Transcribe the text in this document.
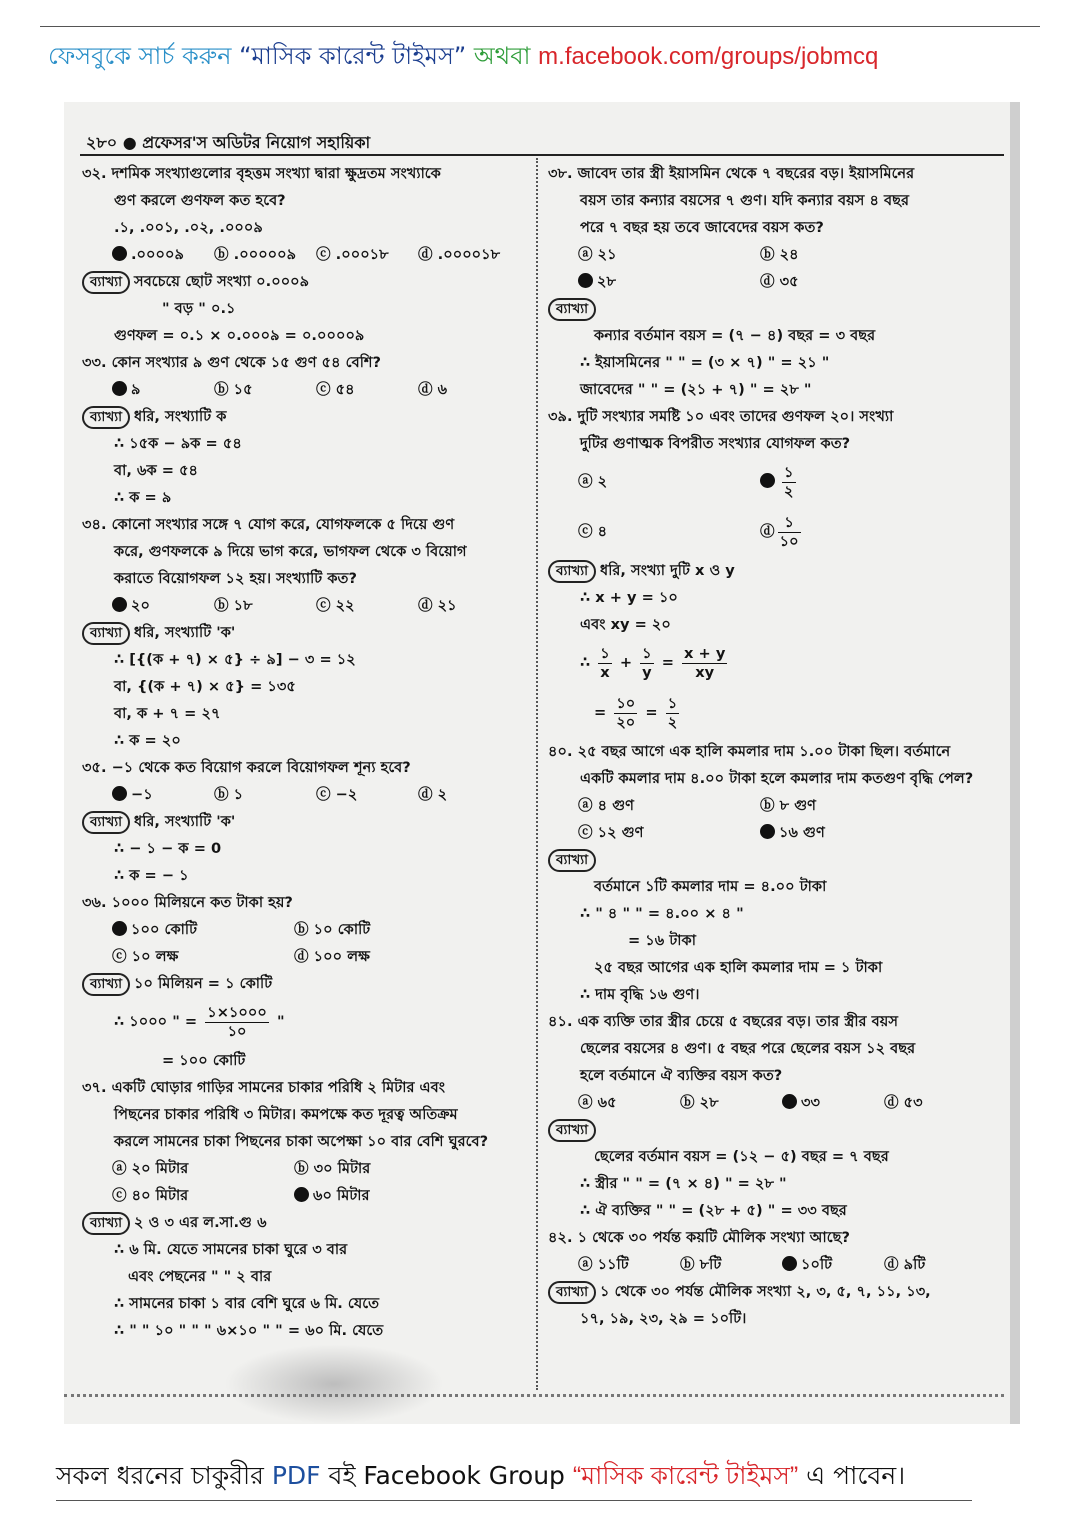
ফেসবুকে সার্চ করুন “মাসিক কারেন্ট টাইমস” অথবা m.facebook.com/groups/jobmcq
২৮০ ● প্রফেসর'স অডিটর নিয়োগ সহায়িকা
৩২. দশমিক সংখ্যাগুলোর বৃহত্তম সংখ্যা দ্বারা ক্ষুদ্রতম সংখ্যাকে
গুণ করলে গুণফল কত হবে?
.১, .০০১, .০২, .০০০৯
.০০০০৯	ⓑ .০০০০০৯	ⓒ .০০০১৮	ⓓ .০০০০১৮
ব্যাখ্যা সবচেয়ে ছোট সংখ্যা ০.০০০৯
" বড় " ০.১
গুণফল = ০.১ × ০.০০০৯ = ০.০০০০৯
৩৩. কোন সংখ্যার ৯ গুণ থেকে ১৫ গুণ ৫৪ বেশি?
৯	ⓑ ১৫	ⓒ ৫৪	ⓓ ৬
ব্যাখ্যা ধরি, সংখ্যাটি ক
∴ ১৫ক − ৯ক = ৫৪
বা, ৬ক = ৫৪
∴ ক = ৯
৩৪. কোনো সংখ্যার সঙ্গে ৭ যোগ করে, যোগফলকে ৫ দিয়ে গুণ
করে, গুণফলকে ৯ দিয়ে ভাগ করে, ভাগফল থেকে ৩ বিয়োগ
করাতে বিয়োগফল ১২ হয়। সংখ্যাটি কত?
২০	ⓑ ১৮	ⓒ ২২	ⓓ ২১
ব্যাখ্যা ধরি, সংখ্যাটি 'ক'
∴ [{(ক + ৭) × ৫} ÷ ৯] − ৩ = ১২
বা, {(ক + ৭) × ৫} = ১৩৫
বা, ক + ৭ = ২৭
∴ ক = ২০
৩৫. −১ থেকে কত বিয়োগ করলে বিয়োগফল শূন্য হবে?
−১	ⓑ ১	ⓒ −২	ⓓ ২
ব্যাখ্যা ধরি, সংখ্যাটি 'ক'
∴ − ১ − ক = 0
∴ ক = − ১
৩৬. ১০০০ মিলিয়নে কত টাকা হয়?
১০০ কোটি	ⓑ ১০ কোটি
ⓒ ১০ লক্ষ	ⓓ ১০০ লক্ষ
ব্যাখ্যা ১০ মিলিয়ন = ১ কোটি
∴ ১০০০ " = $\frac{১\times ১০০০}{১০}$ "
= ১০০ কোটি
৩৭. একটি ঘোড়ার গাড়ির সামনের চাকার পরিধি ২ মিটার এবং
পিছনের চাকার পরিধি ৩ মিটার। কমপক্ষে কত দূরত্ব অতিক্রম
করলে সামনের চাকা পিছনের চাকা অপেক্ষা ১০ বার বেশি ঘুরবে?
ⓐ ২০ মিটার	ⓑ ৩০ মিটার
ⓒ ৪০ মিটার	৬০ মিটার
ব্যাখ্যা ২ ও ৩ এর ল.সা.গু ৬
∴ ৬ মি. যেতে সামনের চাকা ঘুরে ৩ বার
এবং পেছনের " " ২ বার
∴ সামনের চাকা ১ বার বেশি ঘুরে ৬ মি. যেতে
∴ " " ১০ " " " ৬×১০ " " = ৬০ মি. যেতে
৩৮. জাবেদ তার স্ত্রী ইয়াসমিন থেকে ৭ বছরের বড়। ইয়াসমিনের
বয়স তার কন্যার বয়সের ৭ গুণ। যদি কন্যার বয়স ৪ বছর
পরে ৭ বছর হয় তবে জাবেদের বয়স কত?
ⓐ ২১	ⓑ ২৪
২৮	ⓓ ৩৫
ব্যাখ্যা
কন্যার বর্তমান বয়স = (৭ − ৪) বছর = ৩ বছর
∴ ইয়াসমিনের " " = (৩ × ৭) " = ২১ "
জাবেদের " " = (২১ + ৭) " = ২৮ "
৩৯. দুটি সংখ্যার সমষ্টি ১০ এবং তাদের গুণফল ২০। সংখ্যা
দুটির গুণাত্মক বিপরীত সংখ্যার যোগফল কত?
ⓐ ২	$\frac{১}{২}$
ⓒ ৪	ⓓ $\frac{১}{১০}$
ব্যাখ্যা ধরি, সংখ্যা দুটি x ও y
∴ x + y = ১০
এবং xy = ২০
∴ $\frac{১}{x} + \frac{১}{y} = \frac{x + y}{xy}$
= $\frac{১০}{২০} = \frac{১}{২}$
৪০. ২৫ বছর আগে এক হালি কমলার দাম ১.০০ টাকা ছিল। বর্তমানে
একটি কমলার দাম ৪.০০ টাকা হলে কমলার দাম কতগুণ বৃদ্ধি পেল?
ⓐ ৪ গুণ	ⓑ ৮ গুণ
ⓒ ১২ গুণ	১৬ গুণ
ব্যাখ্যা
বর্তমানে ১টি কমলার দাম = ৪.০০ টাকা
∴ " ৪ " " = ৪.০০ × ৪ "
= ১৬ টাকা
২৫ বছর আগের এক হালি কমলার দাম = ১ টাকা
∴ দাম বৃদ্ধি ১৬ গুণ।
৪১. এক ব্যক্তি তার স্ত্রীর চেয়ে ৫ বছরের বড়। তার স্ত্রীর বয়স
ছেলের বয়সের ৪ গুণ। ৫ বছর পরে ছেলের বয়স ১২ বছর
হলে বর্তমানে ঐ ব্যক্তির বয়স কত?
ⓐ ৬৫	ⓑ ২৮	৩৩	ⓓ ৫৩
ব্যাখ্যা
ছেলের বর্তমান বয়স = (১২ − ৫) বছর = ৭ বছর
∴ স্ত্রীর " " = (৭ × ৪) " = ২৮ "
∴ ঐ ব্যক্তির " " = (২৮ + ৫) " = ৩৩ বছর
৪২. ১ থেকে ৩০ পর্যন্ত কয়টি মৌলিক সংখ্যা আছে?
ⓐ ১১টি	ⓑ ৮টি	১০টি	ⓓ ৯টি
ব্যাখ্যা ১ থেকে ৩০ পর্যন্ত মৌলিক সংখ্যা ২, ৩, ৫, ৭, ১১, ১৩,
১৭, ১৯, ২৩, ২৯ = ১০টি।
সকল ধরনের চাকুরীর PDF বই Facebook Group “মাসিক কারেন্ট টাইমস” এ পাবেন।
